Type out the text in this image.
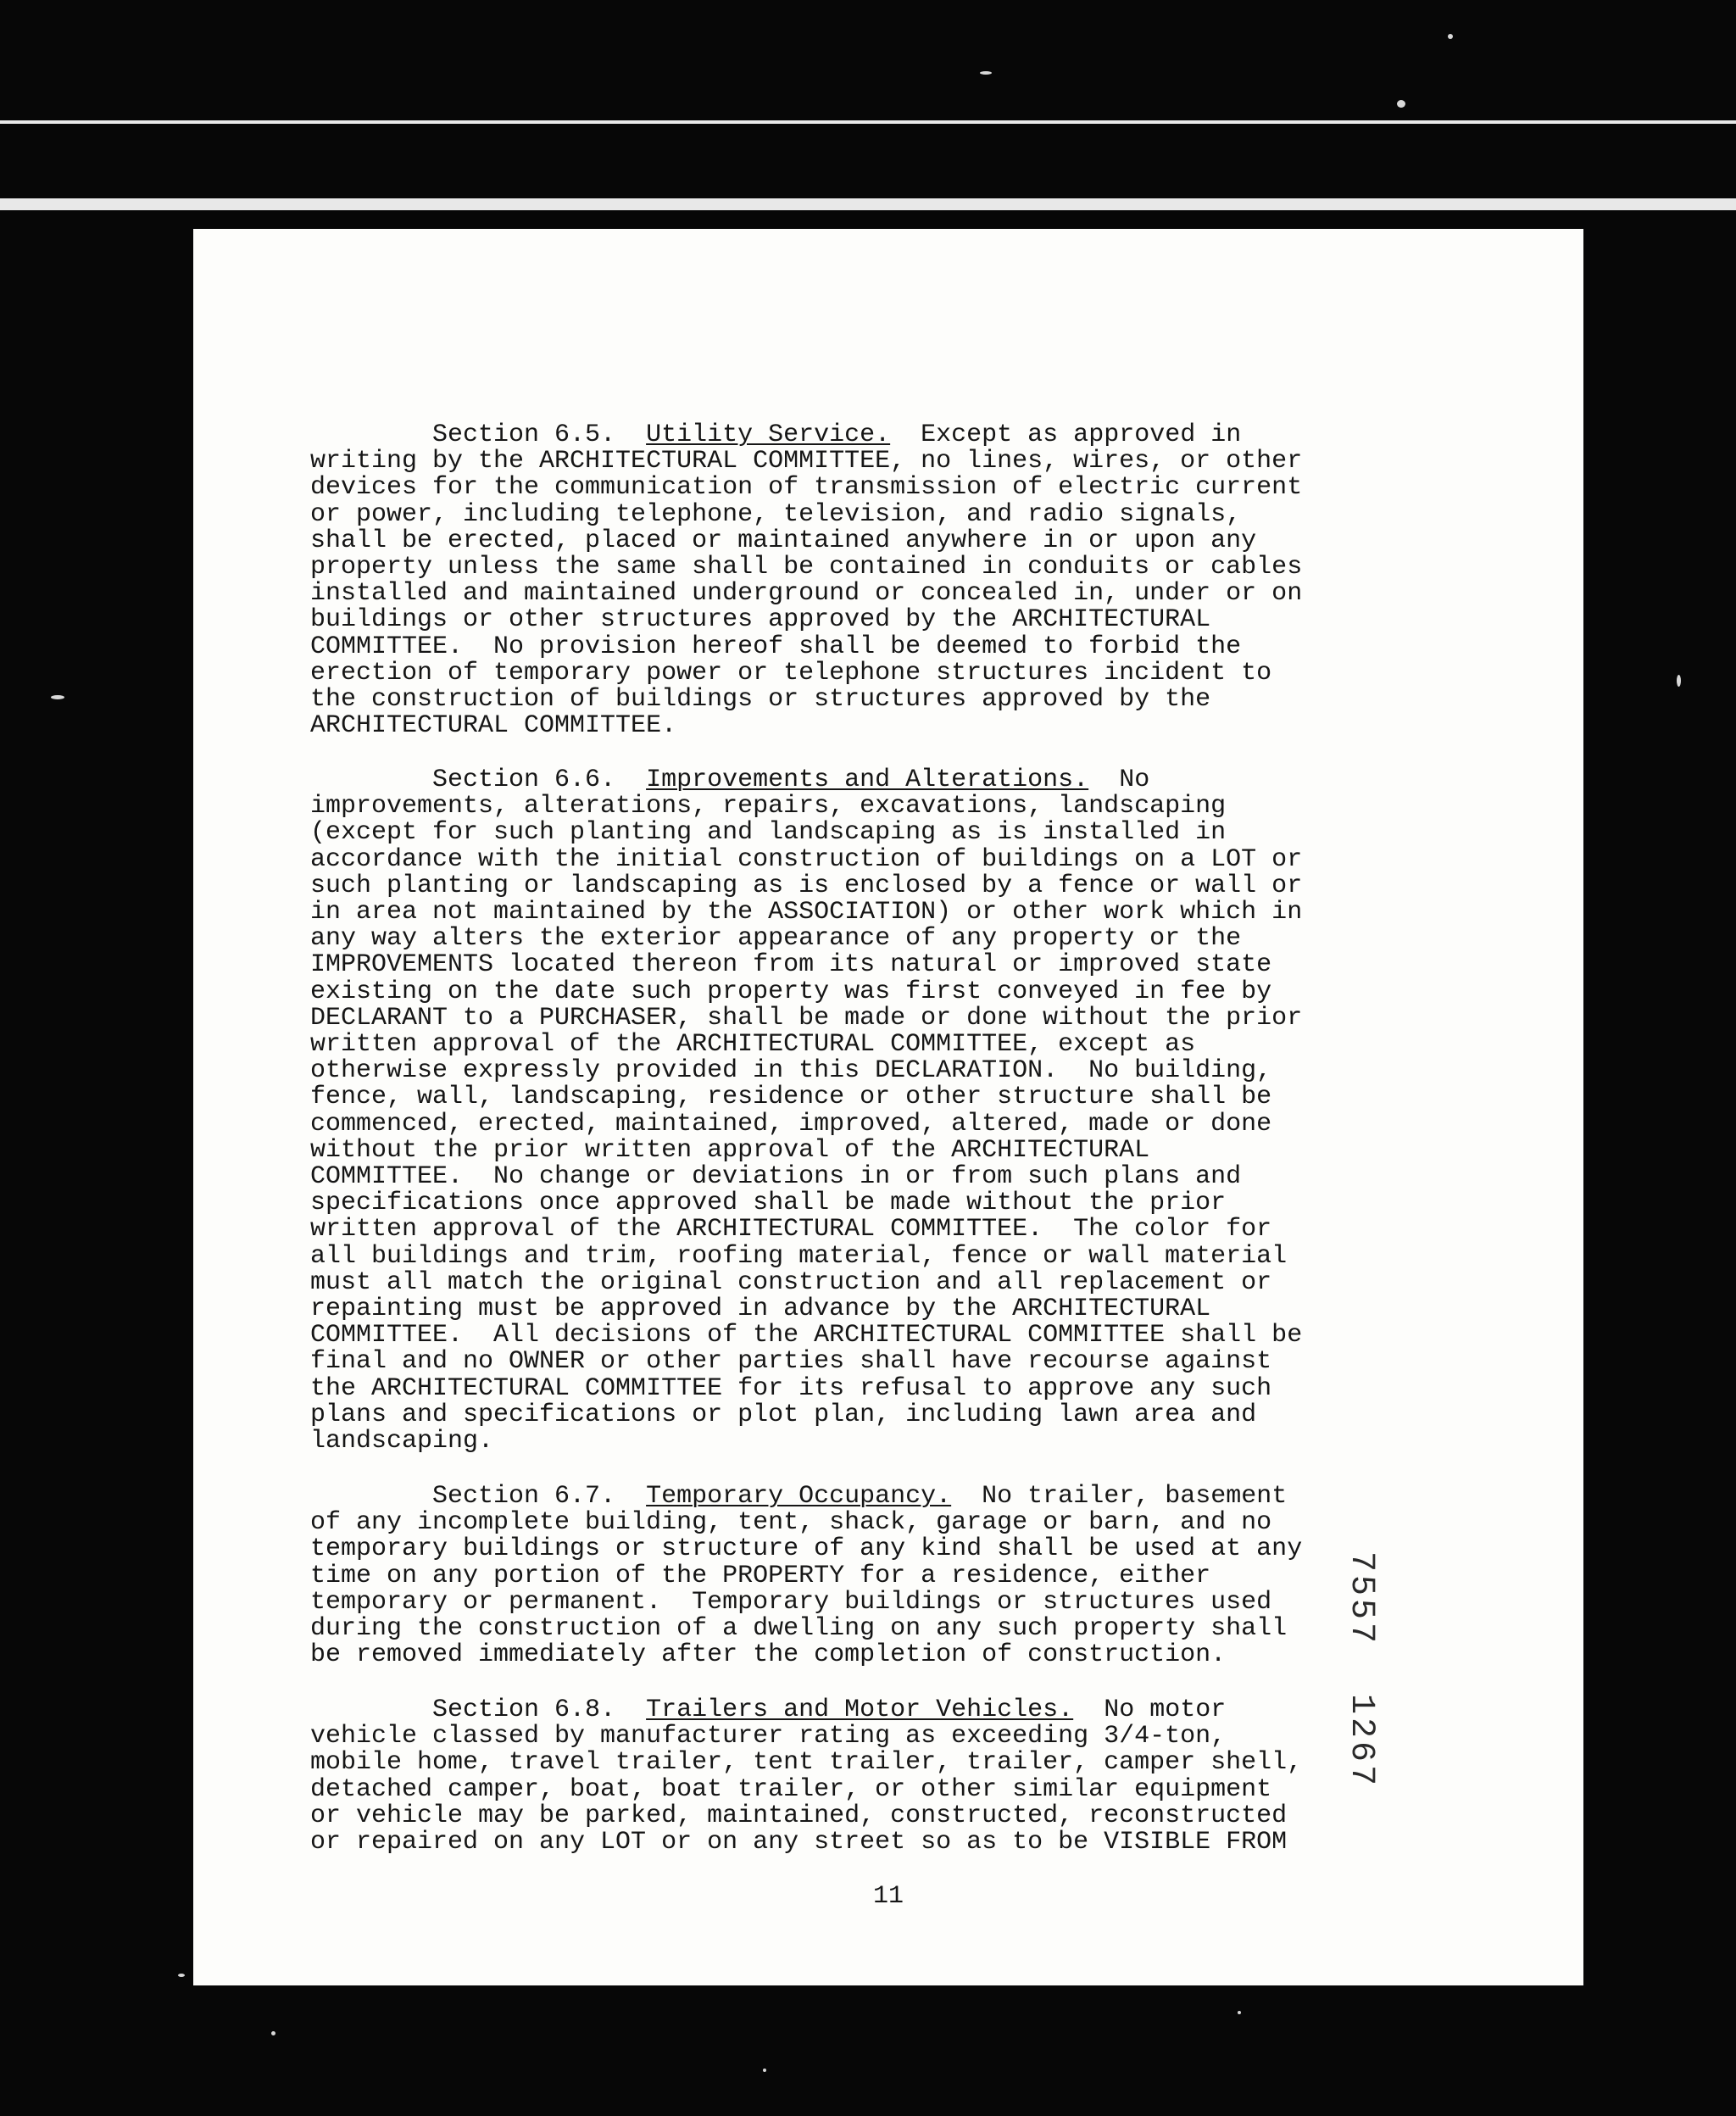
Section 6.5. Utility Service. Except as approved in
writing by the ARCHITECTURAL COMMITTEE, no lines, wires, or other
devices for the communication of transmission of electric current
or power, including telephone, television, and radio signals,
shall be erected, placed or maintained anywhere in or upon any
property unless the same shall be contained in conduits or cables
installed and maintained underground or concealed in, under or on
buildings or other structures approved by the ARCHITECTURAL
COMMITTEE.  No provision hereof shall be deemed to forbid the
erection of temporary power or telephone structures incident to
the construction of buildings or structures approved by the
ARCHITECTURAL COMMITTEE.

Section 6.6. Improvements and Alterations. No
improvements, alterations, repairs, excavations, landscaping
(except for such planting and landscaping as is installed in
accordance with the initial construction of buildings on a LOT or
such planting or landscaping as is enclosed by a fence or wall or
in area not maintained by the ASSOCIATION) or other work which in
any way alters the exterior appearance of any property or the
IMPROVEMENTS located thereon from its natural or improved state
existing on the date such property was first conveyed in fee by
DECLARANT to a PURCHASER, shall be made or done without the prior
written approval of the ARCHITECTURAL COMMITTEE, except as
otherwise expressly provided in this DECLARATION.  No building,
fence, wall, landscaping, residence or other structure shall be
commenced, erected, maintained, improved, altered, made or done
without the prior written approval of the ARCHITECTURAL
COMMITTEE.  No change or deviations in or from such plans and
specifications once approved shall be made without the prior
written approval of the ARCHITECTURAL COMMITTEE.  The color for
all buildings and trim, roofing material, fence or wall material
must all match the original construction and all replacement or
repainting must be approved in advance by the ARCHITECTURAL
COMMITTEE.  All decisions of the ARCHITECTURAL COMMITTEE shall be
final and no OWNER or other parties shall have recourse against
the ARCHITECTURAL COMMITTEE for its refusal to approve any such
plans and specifications or plot plan, including lawn area and
landscaping.

Section 6.7. Temporary Occupancy. No trailer, basement
of any incomplete building, tent, shack, garage or barn, and no
temporary buildings or structure of any kind shall be used at any
time on any portion of the PROPERTY for a residence, either
temporary or permanent.  Temporary buildings or structures used
during the construction of a dwelling on any such property shall
be removed immediately after the completion of construction.

Section 6.8. Trailers and Motor Vehicles. No motor
vehicle classed by manufacturer rating as exceeding 3/4-ton,
mobile home, travel trailer, tent trailer, trailer, camper shell,
detached camper, boat, boat trailer, or other similar equipment
or vehicle may be parked, maintained, constructed, reconstructed
or repaired on any LOT or on any street so as to be VISIBLE FROM

11
7557  1267
